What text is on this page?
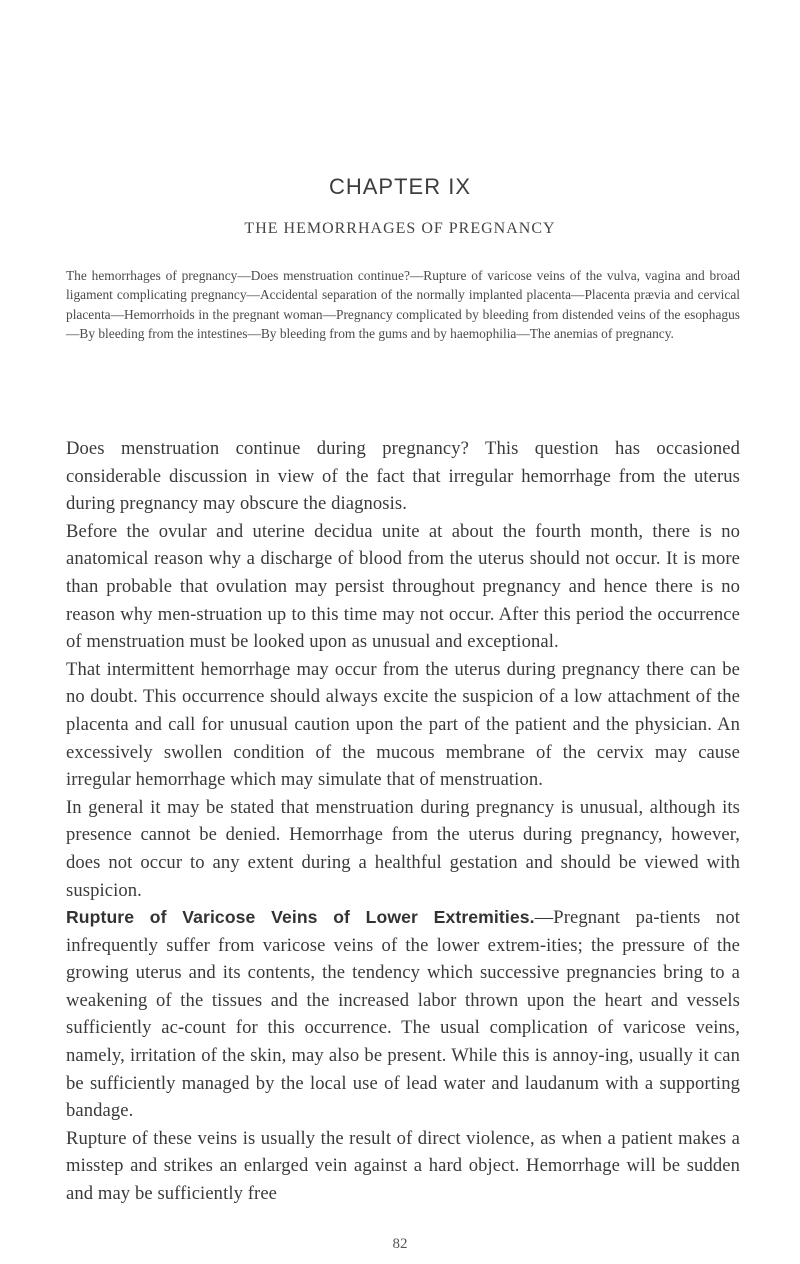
CHAPTER IX
THE HEMORRHAGES OF PREGNANCY

The hemorrhages of pregnancy—Does menstruation continue?—Rupture of varicose veins of the vulva, vagina and broad ligament complicating pregnancy—Accidental separation of the normally implanted placenta—Placenta prævia and cervical placenta—Hemorrhoids in the pregnant woman—Pregnancy complicated by bleeding from distended veins of the esophagus—By bleeding from the intestines—By bleeding from the gums and by haemophilia—The anemias of pregnancy.

Does menstruation continue during pregnancy? This question has occasioned considerable discussion in view of the fact that irregular hemorrhage from the uterus during pregnancy may obscure the diagnosis.

Before the ovular and uterine decidua unite at about the fourth month, there is no anatomical reason why a discharge of blood from the uterus should not occur. It is more than probable that ovulation may persist throughout pregnancy and hence there is no reason why men-struation up to this time may not occur. After this period the occurrence of menstruation must be looked upon as unusual and exceptional.

That intermittent hemorrhage may occur from the uterus during pregnancy there can be no doubt. This occurrence should always excite the suspicion of a low attachment of the placenta and call for unusual caution upon the part of the patient and the physician. An excessively swollen condition of the mucous membrane of the cervix may cause irregular hemorrhage which may simulate that of menstruation.

In general it may be stated that menstruation during pregnancy is unusual, although its presence cannot be denied. Hemorrhage from the uterus during pregnancy, however, does not occur to any extent during a healthful gestation and should be viewed with suspicion.

Rupture of Varicose Veins of Lower Extremities.—Pregnant pa-tients not infrequently suffer from varicose veins of the lower extrem-ities; the pressure of the growing uterus and its contents, the tendency which successive pregnancies bring to a weakening of the tissues and the increased labor thrown upon the heart and vessels sufficiently ac-count for this occurrence. The usual complication of varicose veins, namely, irritation of the skin, may also be present. While this is annoy-ing, usually it can be sufficiently managed by the local use of lead water and laudanum with a supporting bandage.

Rupture of these veins is usually the result of direct violence, as when a patient makes a misstep and strikes an enlarged vein against a hard object. Hemorrhage will be sudden and may be sufficiently free

82
